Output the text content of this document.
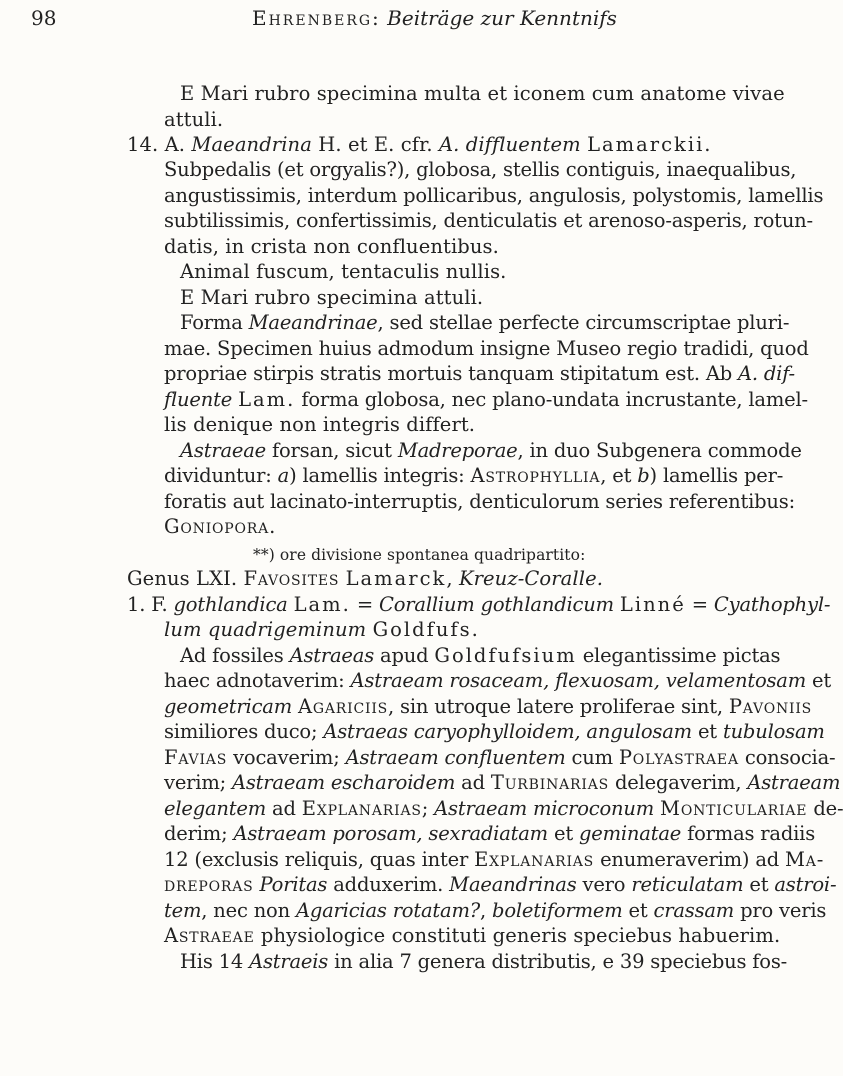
98	Ehrenberg: Beiträge zur Kenntnifs
E Mari rubro specimina multa et iconem cum anatome vivae
attuli.
14. A. Maeandrina H. et E. cfr. A. diffluentem Lamarckii.
Subpedalis (et orgyalis?), globosa, stellis contiguis, inaequalibus,
angustissimis, interdum pollicaribus, angulosis, polystomis, lamellis
subtilissimis, confertissimis, denticulatis et arenoso-asperis, rotun-
datis, in crista non confluentibus.
Animal fuscum, tentaculis nullis.
E Mari rubro specimina attuli.
Forma Maeandrinae, sed stellae perfecte circumscriptae pluri-
mae. Specimen huius admodum insigne Museo regio tradidi, quod
propriae stirpis stratis mortuis tanquam stipitatum est. Ab A. dif-
fluente Lam. forma globosa, nec plano-undata incrustante, lamel-
lis denique non integris differt.
Astraeae forsan, sicut Madreporae, in duo Subgenera commode
dividuntur: a) lamellis integris: Astrophyllia, et b) lamellis per-
foratis aut lacinato-interruptis, denticulorum series referentibus:
Goniopora.
**) ore divisione spontanea quadripartito:
Genus LXI. Favosites Lamarck, Kreuz-Coralle.
1. F. gothlandica Lam. = Corallium gothlandicum Linné = Cyathophyl-
lum quadrigeminum Goldfufs.
Ad fossiles Astraeas apud Goldfufsium elegantissime pictas
haec adnotaverim: Astraeam rosaceam, flexuosam, velamentosam et
geometricam Agariciis, sin utroque latere proliferae sint, Pavoniis
similiores duco; Astraeas caryophylloidem, angulosam et tubulosam
Favias vocaverim; Astraeam confluentem cum Polyastraea consocia-
verim; Astraeam escharoidem ad Turbinarias delegaverim, Astraeam
elegantem ad Explanarias; Astraeam microconum Monticulariae de-
derim; Astraeam porosam, sexradiatam et geminatae formas radiis
12 (exclusis reliquis, quas inter Explanarias enumeraverim) ad Ma-
dreporas Poritas adduxerim. Maeandrinas vero reticulatam et astroi-
tem, nec non Agaricias rotatam?, boletiformem et crassam pro veris
Astraeae physiologice constituti generis speciebus habuerim.
His 14 Astraeis in alia 7 genera distributis, e 39 speciebus fos-
